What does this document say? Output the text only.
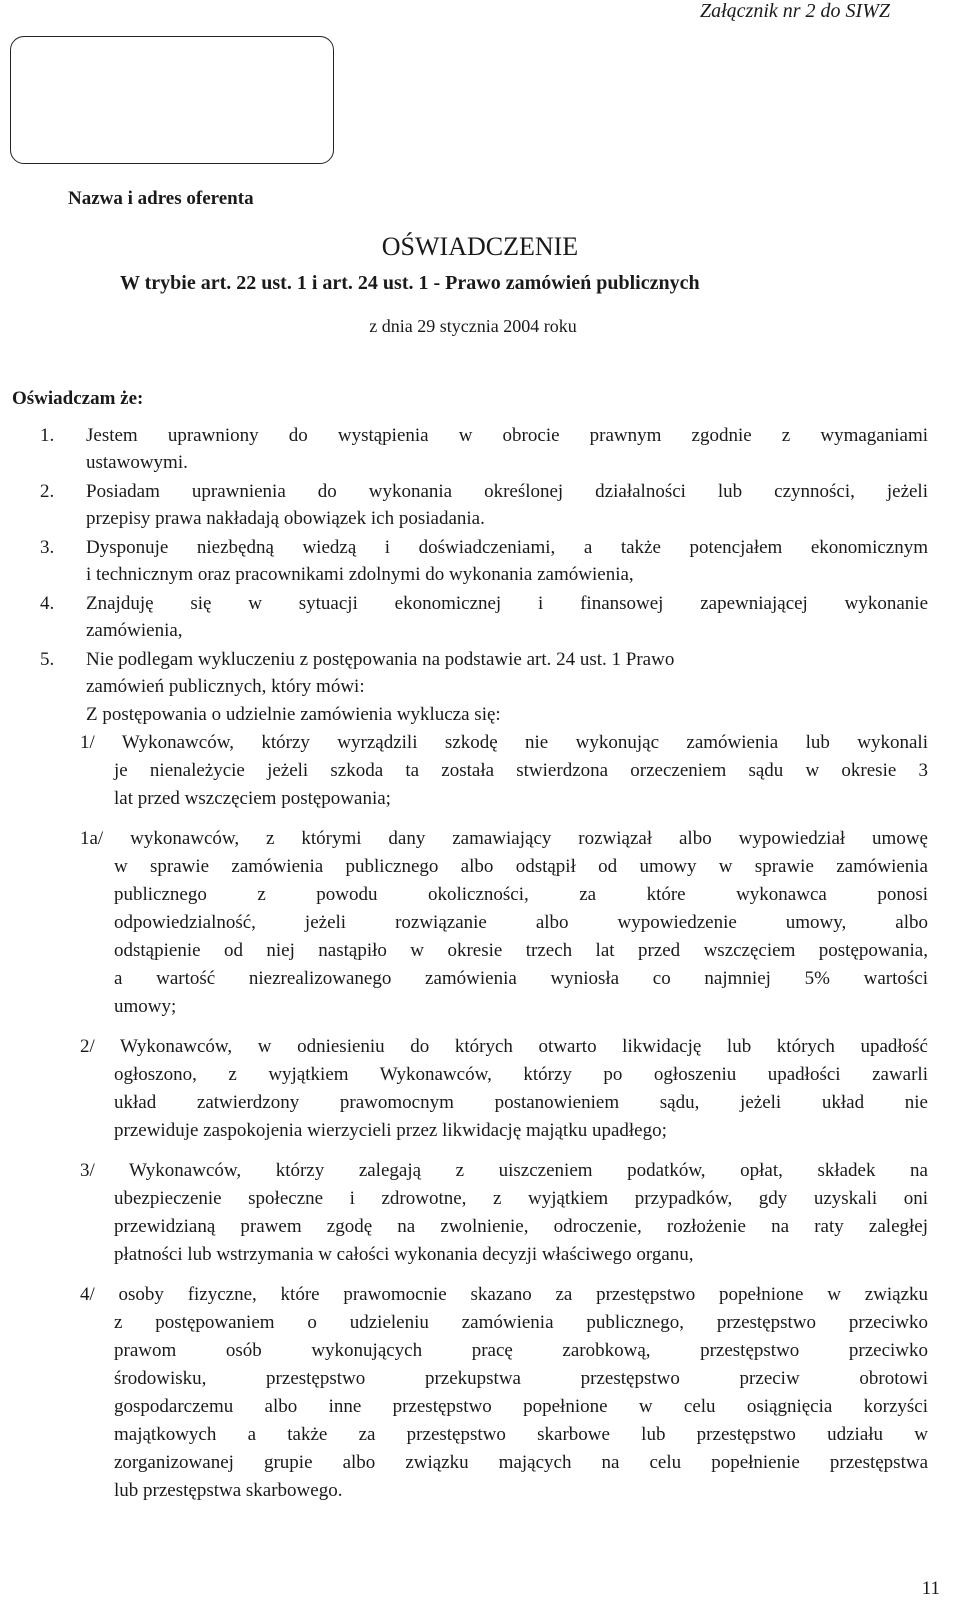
Załącznik nr 2 do SIWZ
Nazwa i adres oferenta
OŚWIADCZENIE
W trybie art. 22 ust. 1 i art. 24 ust. 1 - Prawo zamówień publicznych
z dnia 29 stycznia 2004 roku
Oświadczam że:
1. Jestem uprawniony do wystąpienia w obrocie prawnym zgodnie z wymaganiami
ustawowymi.
2. Posiadam uprawnienia do wykonania określonej działalności lub czynności, jeżeli
przepisy prawa nakładają obowiązek ich posiadania.
3. Dysponuje niezbędną wiedzą i doświadczeniami, a także potencjałem ekonomicznym
i technicznym oraz pracownikami zdolnymi do wykonania zamówienia,
4. Znajduję się w sytuacji ekonomicznej i finansowej zapewniającej wykonanie
zamówienia,
5. Nie podlegam wykluczeniu z postępowania na podstawie art. 24 ust. 1 Prawo
zamówień publicznych, który mówi:
Z postępowania o udzielnie zamówienia wyklucza się:
1/ Wykonawców, którzy wyrządzili szkodę nie wykonując zamówienia lub wykonali
je nienależycie jeżeli szkoda ta została stwierdzona orzeczeniem sądu w okresie 3
lat przed wszczęciem postępowania;
1a/ wykonawców, z którymi dany zamawiający rozwiązał albo wypowiedział umowę
w sprawie zamówienia publicznego albo odstąpił od umowy w sprawie zamówienia
publicznego z powodu okoliczności, za które wykonawca ponosi
odpowiedzialność, jeżeli rozwiązanie albo wypowiedzenie umowy, albo
odstąpienie od niej nastąpiło w okresie trzech lat przed wszczęciem postępowania,
a wartość niezrealizowanego zamówienia wyniosła co najmniej 5% wartości
umowy;
2/ Wykonawców, w odniesieniu do których otwarto likwidację lub których upadłość
ogłoszono, z wyjątkiem Wykonawców, którzy po ogłoszeniu upadłości zawarli
układ zatwierdzony prawomocnym postanowieniem sądu, jeżeli układ nie
przewiduje zaspokojenia wierzycieli przez likwidację majątku upadłego;
3/ Wykonawców, którzy zalegają z uiszczeniem podatków, opłat, składek na
ubezpieczenie społeczne i zdrowotne, z wyjątkiem przypadków, gdy uzyskali oni
przewidzianą prawem zgodę na zwolnienie, odroczenie, rozłożenie na raty zaległej
płatności lub wstrzymania w całości wykonania decyzji właściwego organu,
4/ osoby fizyczne, które prawomocnie skazano za przestępstwo popełnione w związku
z postępowaniem o udzieleniu zamówienia publicznego, przestępstwo przeciwko
prawom osób wykonujących pracę zarobkową, przestępstwo przeciwko
środowisku, przestępstwo przekupstwa przestępstwo przeciw obrotowi
gospodarczemu albo inne przestępstwo popełnione w celu osiągnięcia korzyści
majątkowych a także za przestępstwo skarbowe lub przestępstwo udziału w
zorganizowanej grupie albo związku mających na celu popełnienie przestępstwa
lub przestępstwa skarbowego.
11
